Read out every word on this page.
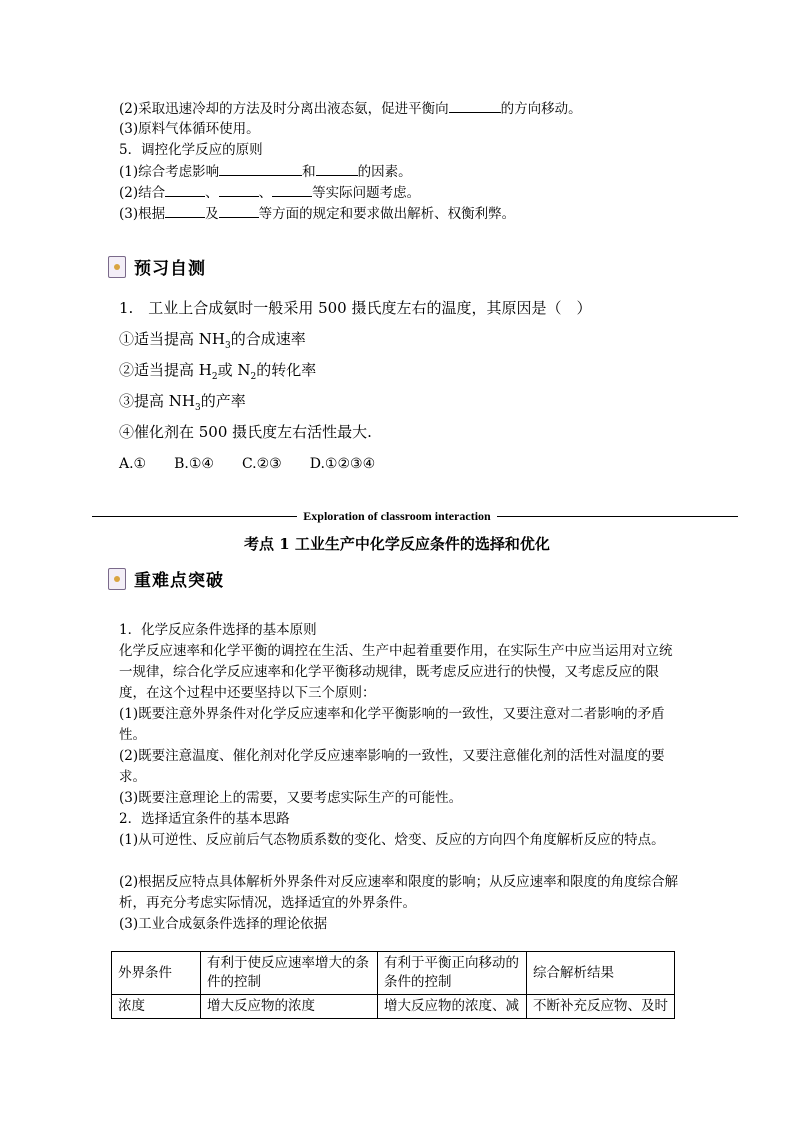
(2)采取迅速冷却的方法及时分离出液态氨，促进平衡向	的方向移动。
(3)原料气体循环使用。
5．调控化学反应的原则
(1)综合考虑影响	和	的因素。
(2)结合	、	、	等实际问题考虑。
(3)根据	及	等方面的规定和要求做出解析、权衡利弊。
预习自测
1.　工业上合成氨时一般采用 500 摄氏度左右的温度，其原因是（　）
①适当提高 $NH_3$的合成速率
②适当提高 $H_2$或 $N_2$的转化率
③提高 $NH_3$的产率
④催化剂在 500 摄氏度左右活性最大.
A.① B.①④ C.②③ D.①②③④
Exploration of classroom interaction
考点 1 工业生产中化学反应条件的选择和优化
重难点突破
1．化学反应条件选择的基本原则
化学反应速率和化学平衡的调控在生活、生产中起着重要作用，在实际生产中应当运用对立统一规律，综合化学反应速率和化学平衡移动规律，既考虑反应进行的快慢，又考虑反应的限度，在这个过程中还要坚持以下三个原则：
(1)既要注意外界条件对化学反应速率和化学平衡影响的一致性，又要注意对二者影响的矛盾性。
(2)既要注意温度、催化剂对化学反应速率影响的一致性，又要注意催化剂的活性对温度的要求。
(3)既要注意理论上的需要，又要考虑实际生产的可能性。
2．选择适宜条件的基本思路
(1)从可逆性、反应前后气态物质系数的变化、焓变、反应的方向四个角度解析反应的特点。
(2)根据反应特点具体解析外界条件对反应速率和限度的影响；从反应速率和限度的角度综合解析，再充分考虑实际情况，选择适宜的外界条件。
(3)工业合成氨条件选择的理论依据
外界条件	有利于使反应速率增大的条件的控制	有利于平衡正向移动的条件的控制	综合解析结果
浓度	增大反应物的浓度	增大反应物的浓度、减	不断补充反应物、及时
